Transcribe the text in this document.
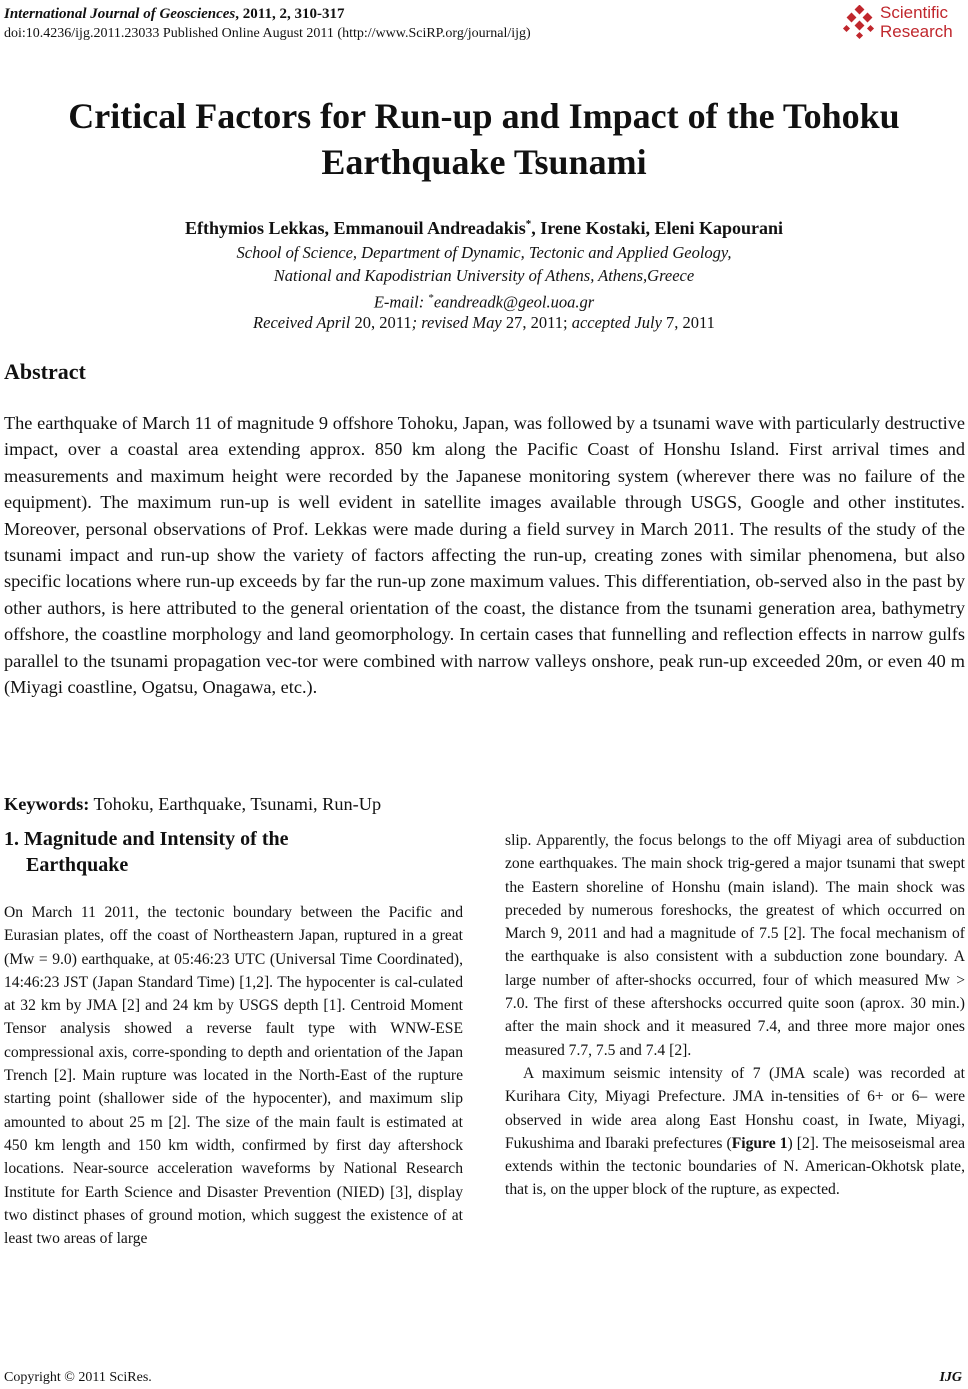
International Journal of Geosciences, 2011, 2, 310-317
doi:10.4236/ijg.2011.23033 Published Online August 2011 (http://www.SciRP.org/journal/ijg)
Scientific
Research
Critical Factors for Run-up and Impact of the Tohoku
Earthquake Tsunami
Efthymios Lekkas, Emmanouil Andreadakis*, Irene Kostaki, Eleni Kapourani
School of Science, Department of Dynamic, Tectonic and Applied Geology,
National and Kapodistrian University of Athens, Athens,Greece
E-mail: *eandreadk@geol.uoa.gr
Received April 20, 2011; revised May 27, 2011; accepted July 7, 2011
Abstract
The earthquake of March 11 of magnitude 9 offshore Tohoku, Japan, was followed by a tsunami wave with particularly destructive impact, over a coastal area extending approx. 850 km along the Pacific Coast of Honshu Island. First arrival times and measurements and maximum height were recorded by the Japanese monitoring system (wherever there was no failure of the equipment). The maximum run-up is well evident in satellite images available through USGS, Google and other institutes. Moreover, personal observations of Prof. Lekkas were made during a field survey in March 2011. The results of the study of the tsunami impact and run-up show the variety of factors affecting the run-up, creating zones with similar phenomena, but also specific locations where run-up exceeds by far the run-up zone maximum values. This differentiation, ob-served also in the past by other authors, is here attributed to the general orientation of the coast, the distance from the tsunami generation area, bathymetry offshore, the coastline morphology and land geomorphology. In certain cases that funnelling and reflection effects in narrow gulfs parallel to the tsunami propagation vec-tor were combined with narrow valleys onshore, peak run-up exceeded 20m, or even 40 m (Miyagi coastline, Ogatsu, Onagawa, etc.).
Keywords: Tohoku, Earthquake, Tsunami, Run-Up
1. Magnitude and Intensity of the
Earthquake

On March 11 2011, the tectonic boundary between the Pacific and Eurasian plates, off the coast of Northeastern Japan, ruptured in a great (Mw = 9.0) earthquake, at 05:46:23 UTC (Universal Time Coordinated), 14:46:23 JST (Japan Standard Time) [1,2]. The hypocenter is cal-culated at 32 km by JMA [2] and 24 km by USGS depth [1]. Centroid Moment Tensor analysis showed a reverse fault type with WNW-ESE compressional axis, corre-sponding to depth and orientation of the Japan Trench [2]. Main rupture was located in the North-East of the rupture starting point (shallower side of the hypocenter), and maximum slip amounted to about 25 m [2]. The size of the main fault is estimated at 450 km length and 150 km width, confirmed by first day aftershock locations. Near-source acceleration waveforms by National Research Institute for Earth Science and Disaster Prevention (NIED) [3], display two distinct phases of ground motion, which suggest the existence of at least two areas of large

slip. Apparently, the focus belongs to the off Miyagi area of subduction zone earthquakes. The main shock trig-gered a major tsunami that swept the Eastern shoreline of Honshu (main island). The main shock was preceded by numerous foreshocks, the greatest of which occurred on March 9, 2011 and had a magnitude of 7.5 [2]. The focal mechanism of the earthquake is also consistent with a subduction zone boundary. A large number of after-shocks occurred, four of which measured Mw > 7.0. The first of these aftershocks occurred quite soon (aprox. 30 min.) after the main shock and it measured 7.4, and three more major ones measured 7.7, 7.5 and 7.4 [2].

A maximum seismic intensity of 7 (JMA scale) was recorded at Kurihara City, Miyagi Prefecture. JMA in-tensities of 6+ or 6– were observed in wide area along East Honshu coast, in Iwate, Miyagi, Fukushima and Ibaraki prefectures (Figure 1) [2]. The meisoseismal area extends within the tectonic boundaries of N. American-Okhotsk plate, that is, on the upper block of the rupture, as expected.

Copyright © 2011 SciRes.	IJG
